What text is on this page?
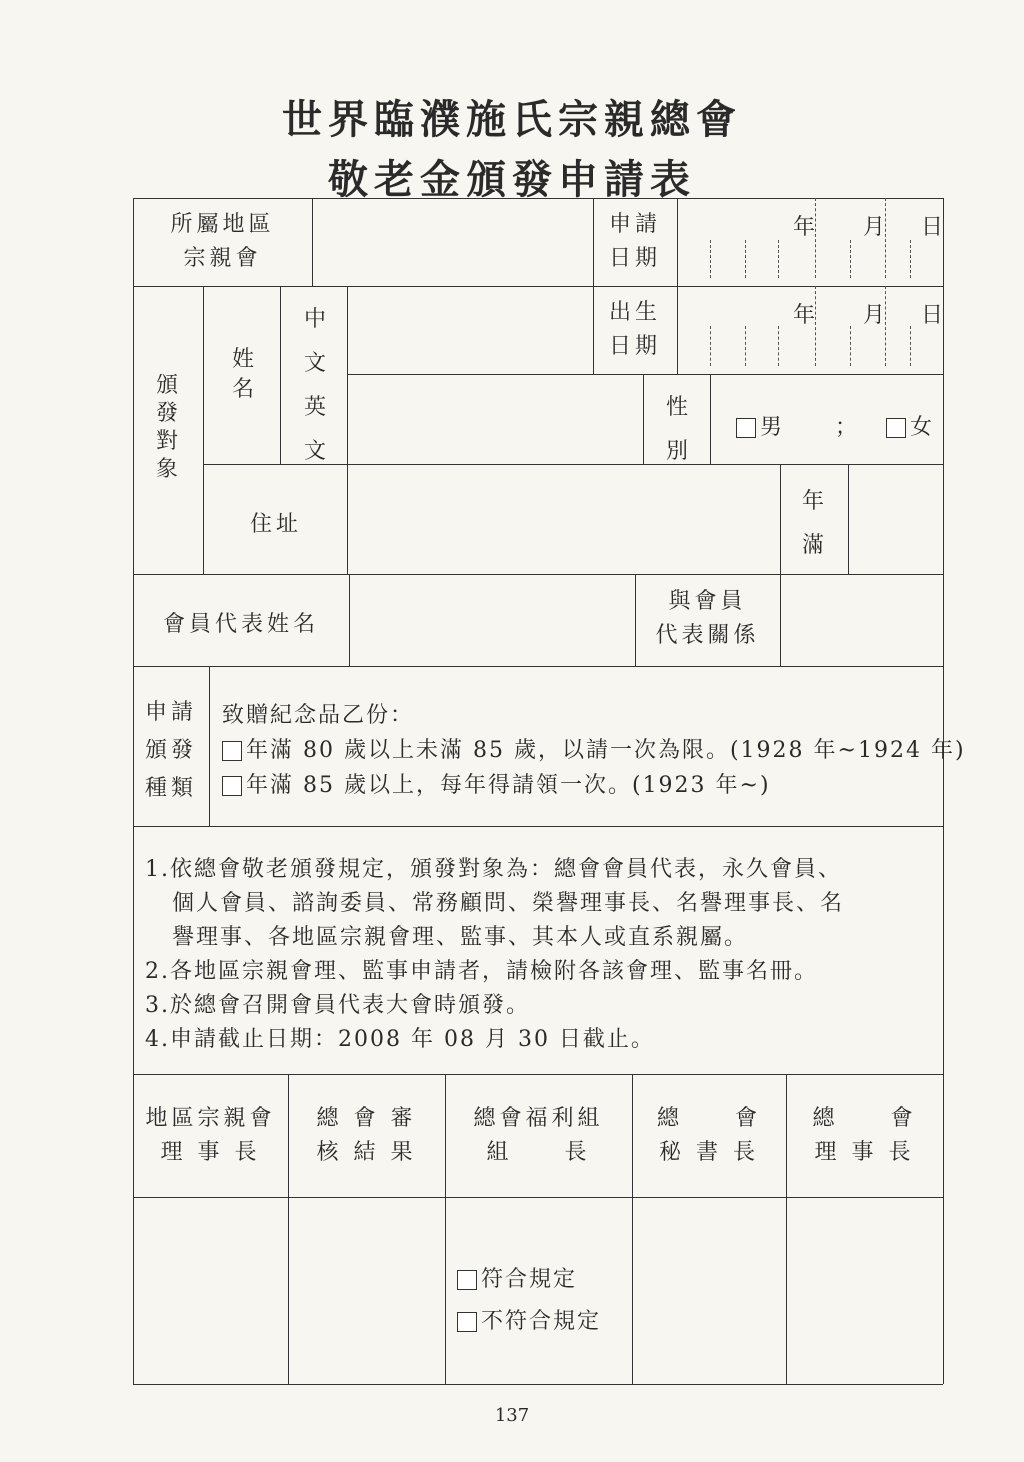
世界臨濮施氏宗親總會
敬老金頒發申請表
所屬地區
宗親會
申請
日期
年 月 日
頒
發
對
象
姓
名
中
文
出生
日期
年 月 日
英
文
性
別
男 ； 女
住址
年
滿
會員代表姓名
與會員
代表關係
申請
頒發
種類
致贈紀念品乙份：
年滿 80 歲以上未滿 85 歲，以請一次為限。(1928 年~1924 年)
年滿 85 歲以上，每年得請領一次。(1923 年~)
1.依總會敬老頒發規定，頒發對象為：總會會員代表，永久會員、
個人會員、諮詢委員、常務顧問、榮譽理事長、名譽理事長、名
譽理事、各地區宗親會理、監事、其本人或直系親屬。
2.各地區宗親會理、監事申請者，請檢附各該會理、監事名冊。
3.於總會召開會員代表大會時頒發。
4.申請截止日期：2008 年 08 月 30 日截止。
地區宗親會
理 事 長
總 會 審
核 結 果
總會福利組
組　　長
總　　會
秘 書 長
總　　會
理 事 長
符合規定
不符合規定
137
